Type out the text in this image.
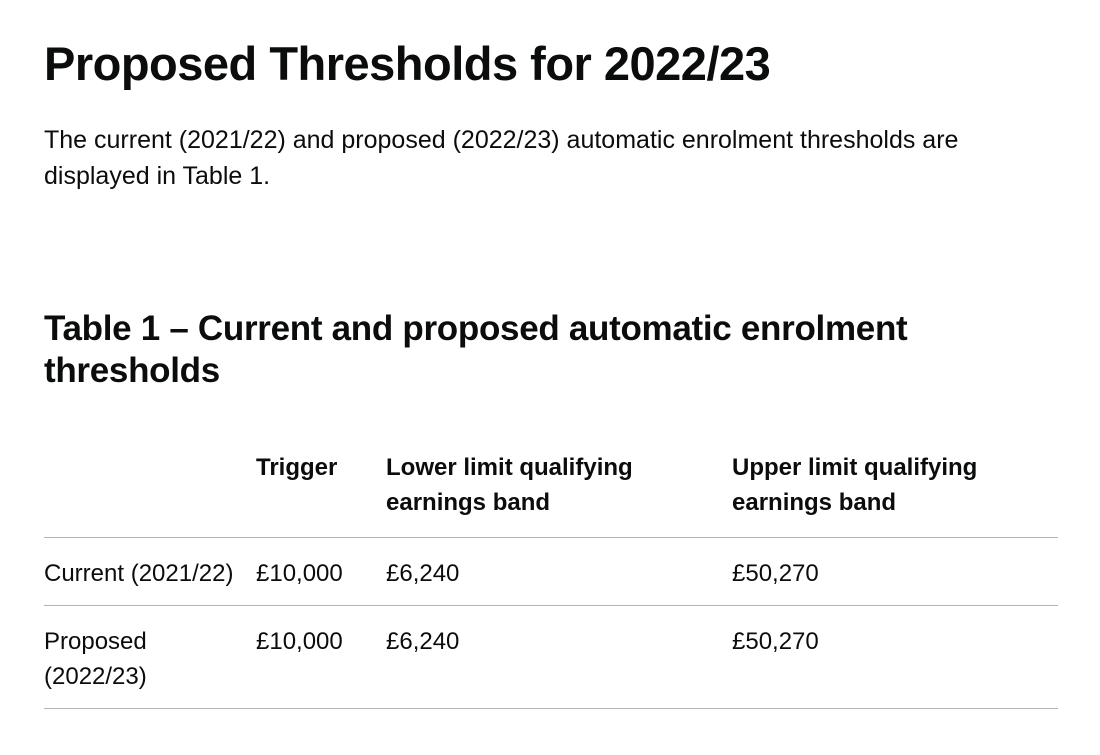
Proposed Thresholds for 2022/23

The current (2021/22) and proposed (2022/23) automatic enrolment thresholds are displayed in Table 1.

Table 1 – Current and proposed automatic enrolment thresholds

	Trigger	Lower limit qualifying earnings band	Upper limit qualifying earnings band

Current (2021/22)	£10,000	£6,240	£50,270

Proposed (2022/23)	£10,000	£6,240	£50,270
